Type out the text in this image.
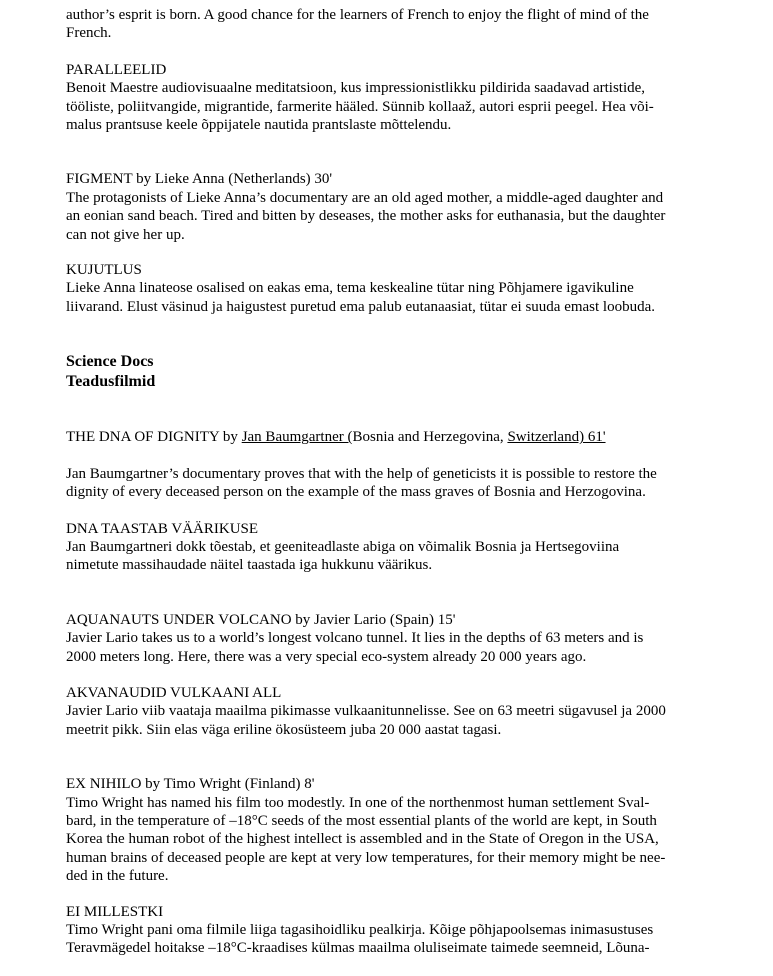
author’s esprit is born. A good chance for the learners of French to enjoy the flight of mind of the
French.

PARALLEELID
Benoit Maestre audiovisuaalne meditatsioon, kus impressionistlikku pildirida saadavad artistide,
tööliste, poliitvangide, migrantide, farmerite hääled. Sünnib kollaaž, autori esprii peegel. Hea või-
malus prantsuse keele õppijatele nautida prantslaste mõttelendu.

FIGMENT by Lieke Anna (Netherlands) 30'
The protagonists of Lieke Anna’s documentary are an old aged mother, a middle-aged daughter and
an eonian sand beach. Tired and bitten by deseases, the mother asks for euthanasia, but the daughter
can not give her up.

KUJUTLUS
Lieke Anna linateose osalised on eakas ema, tema keskealine tütar ning Põhjamere igavikuline
liivarand. Elust väsinud ja haigustest puretud ema palub eutanaasiat, tütar ei suuda emast loobuda.

Science Docs
Teadusfilmid

THE DNA OF DIGNITY by Jan Baumgartner (Bosnia and Herzegovina, Switzerland) 61'

Jan Baumgartner’s documentary proves that with the help of geneticists it is possible to restore the
dignity of every deceased person on the example of the mass graves of Bosnia and Herzogovina.

DNA TAASTAB VÄÄRIKUSE
Jan Baumgartneri dokk tõestab, et geeniteadlaste abiga on võimalik Bosnia ja Hertsegoviina
nimetute massihaudade näitel taastada iga hukkunu väärikus.

AQUANAUTS UNDER VOLCANO by Javier Lario (Spain) 15'
Javier Lario takes us to a world’s longest volcano tunnel. It lies in the depths of 63 meters and is
2000 meters long. Here, there was a very special eco-system already 20 000 years ago.

AKVANAUDID VULKAANI ALL
Javier Lario viib vaataja maailma pikimasse vulkaanitunnelisse. See on 63 meetri sügavusel ja 2000
meetrit pikk. Siin elas väga eriline ökosüsteem juba 20 000 aastat tagasi.

EX NIHILO by Timo Wright (Finland) 8'
Timo Wright has named his film too modestly. In one of the northenmost human settlement Sval-
bard, in the temperature of –18°C seeds of the most essential plants of the world are kept, in South
Korea the human robot of the highest intellect is assembled and in the State of Oregon in the USA,
human brains of deceased people are kept at very low temperatures, for their memory might be nee-
ded in the future.

EI MILLESTKI
Timo Wright pani oma filmile liiga tagasihoidliku pealkirja. Kõige põhjapoolsemas inimasustuses
Teravmägedel hoitakse –18°C-kraadises külmas maailma oluliseimate taimede seemneid, Lõuna-
